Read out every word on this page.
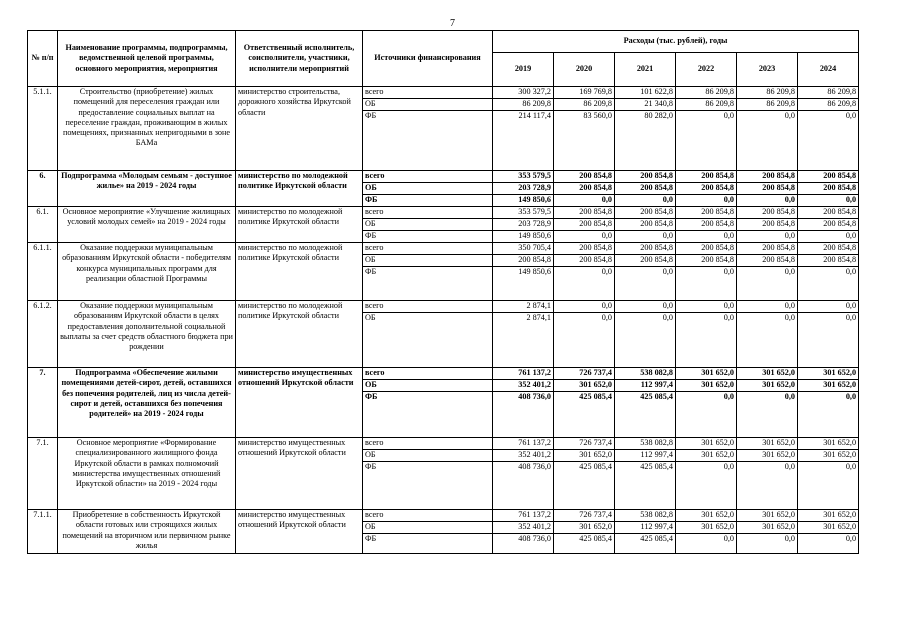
7
№ п/п	Наименование программы, подпрограммы, ведомственной целевой программы, основного мероприятия, мероприятия	Ответственный исполнитель, соисполнители, участники, исполнители мероприятий	Источники финансирования	Расходы (тыс. рублей), годы					
				2019	2020	2021	2022	2023	2024
5.1.1.	Строительство (приобретение) жилых помещений для переселения граждан или предоставление социальных выплат на переселение граждан, проживающим в жилых помещениях, признанных непригодными в зоне БАМа	министерство строительства, дорожного хозяйства Иркутской области	всего	300 327,2	169 769,8	101 622,8	86 209,8	86 209,8	86 209,8
			ОБ	86 209,8	86 209,8	21 340,8	86 209,8	86 209,8	86 209,8
			ФБ	214 117,4	83 560,0	80 282,0	0,0	0,0	0,0
6.	Подпрограмма «Молодым семьям - доступное жилье» на 2019 - 2024 годы	министерство по молодежной политике Иркутской области	всего	353 579,5	200 854,8	200 854,8	200 854,8	200 854,8	200 854,8
			ОБ	203 728,9	200 854,8	200 854,8	200 854,8	200 854,8	200 854,8
			ФБ	149 850,6	0,0	0,0	0,0	0,0	0,0
6.1.	Основное мероприятие «Улучшение жилищных условий молодых семей» на 2019 - 2024 годы	министерство по молодежной политике Иркутской области	всего	353 579,5	200 854,8	200 854,8	200 854,8	200 854,8	200 854,8
			ОБ	203 728,9	200 854,8	200 854,8	200 854,8	200 854,8	200 854,8
			ФБ	149 850,6	0,0	0,0	0,0	0,0	0,0
6.1.1.	Оказание поддержки муниципальным образованиям Иркутской области - победителям конкурса муниципальных программ для реализации областной Программы	министерство по молодежной политике Иркутской области	всего	350 705,4	200 854,8	200 854,8	200 854,8	200 854,8	200 854,8
			ОБ	200 854,8	200 854,8	200 854,8	200 854,8	200 854,8	200 854,8
			ФБ	149 850,6	0,0	0,0	0,0	0,0	0,0
6.1.2.	Оказание поддержки муниципальным образованиям Иркутской области в целях предоставления дополнительной социальной выплаты за счет средств областного бюджета при рождении	министерство по молодежной политике Иркутской области	всего	2 874,1	0,0	0,0	0,0	0,0	0,0
			ОБ	2 874,1	0,0	0,0	0,0	0,0	0,0
7.	Подпрограмма «Обеспечение жилыми помещениями детей-сирот, детей, оставшихся без попечения родителей, лиц из числа детей-сирот и детей, оставшихся без попечения родителей» на 2019 - 2024 годы	министерство имущественных отношений Иркутской области	всего	761 137,2	726 737,4	538 082,8	301 652,0	301 652,0	301 652,0
			ОБ	352 401,2	301 652,0	112 997,4	301 652,0	301 652,0	301 652,0
			ФБ	408 736,0	425 085,4	425 085,4	0,0	0,0	0,0
7.1.	Основное мероприятие «Формирование специализированного жилищного фонда Иркутской области в рамках полномочий министерства имущественных отношений Иркутской области» на 2019 - 2024 годы	министерство имущественных отношений Иркутской области	всего	761 137,2	726 737,4	538 082,8	301 652,0	301 652,0	301 652,0
			ОБ	352 401,2	301 652,0	112 997,4	301 652,0	301 652,0	301 652,0
			ФБ	408 736,0	425 085,4	425 085,4	0,0	0,0	0,0
7.1.1.	Приобретение в собственность Иркутской области готовых или строящихся жилых помещений на вторичном или первичном рынке жилья	министерство имущественных отношений Иркутской области	всего	761 137,2	726 737,4	538 082,8	301 652,0	301 652,0	301 652,0
			ОБ	352 401,2	301 652,0	112 997,4	301 652,0	301 652,0	301 652,0
			ФБ	408 736,0	425 085,4	425 085,4	0,0	0,0	0,0
